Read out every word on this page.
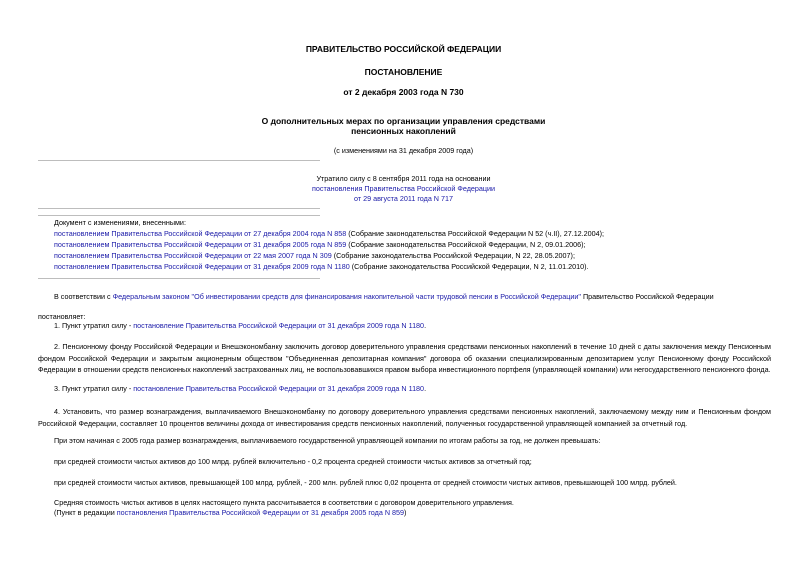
ПРАВИТЕЛЬСТВО РОССИЙСКОЙ ФЕДЕРАЦИИ
ПОСТАНОВЛЕНИЕ
от 2 декабря 2003 года N 730
О дополнительных мерах по организации управления средствами
пенсионных накоплений
(с изменениями на 31 декабря 2009 года)
Утратило силу с 8 сентября 2011 года на основании
постановления Правительства Российской Федерации
от 29 августа 2011 года N 717
Документ с изменениями, внесенными:
постановлением Правительства Российской Федерации от 27 декабря 2004 года N 858 (Собрание законодательства Российской Федерации N 52 (ч.II), 27.12.2004);
постановлением Правительства Российской Федерации от 31 декабря 2005 года N 859 (Собрание законодательства Российской Федерации, N 2, 09.01.2006);
постановлением Правительства Российской Федерации от 22 мая 2007 года N 309 (Собрание законодательства Российской Федерации, N 22, 28.05.2007);
постановлением Правительства Российской Федерации от 31 декабря 2009 года N 1180 (Собрание законодательства Российской Федерации, N 2, 11.01.2010).
В соответствии с Федеральным законом "Об инвестировании средств для финансирования накопительной части трудовой пенсии в Российской Федерации" Правительство Российской Федерации
постановляет:
1. Пункт утратил силу - постановление Правительства Российской Федерации от 31 декабря 2009 года N 1180.
2. Пенсионному фонду Российской Федерации и Внешэкономбанку заключить договор доверительного управления средствами пенсионных накоплений в течение 10 дней с даты заключения между Пенсионным фондом Российской Федерации и закрытым акционерным обществом "Объединенная депозитарная компания" договора об оказании специализированным депозитарием услуг Пенсионному фонду Российской Федерации в отношении средств пенсионных накоплений застрахованных лиц, не воспользовавшихся правом выбора инвестиционного портфеля (управляющей компании) или негосударственного пенсионного фонда.
3. Пункт утратил силу - постановление Правительства Российской Федерации от 31 декабря 2009 года N 1180.
4. Установить, что размер вознаграждения, выплачиваемого Внешэкономбанку по договору доверительного управления средствами пенсионных накоплений, заключаемому между ним и Пенсионным фондом Российской Федерации, составляет 10 процентов величины дохода от инвестирования средств пенсионных накоплений, полученных государственной управляющей компанией за отчетный год.
При этом начиная с 2005 года размер вознаграждения, выплачиваемого государственной управляющей компании по итогам работы за год, не должен превышать:
при средней стоимости чистых активов до 100 млрд. рублей включительно - 0,2 процента средней стоимости чистых активов за отчетный год;
при средней стоимости чистых активов, превышающей 100 млрд. рублей, - 200 млн. рублей плюс 0,02 процента от средней стоимости чистых активов, превышающей 100 млрд. рублей.
Средняя стоимость чистых активов в целях настоящего пункта рассчитывается в соответствии с договором доверительного управления.
(Пункт в редакции постановления Правительства Российской Федерации от 31 декабря 2005 года N 859)
